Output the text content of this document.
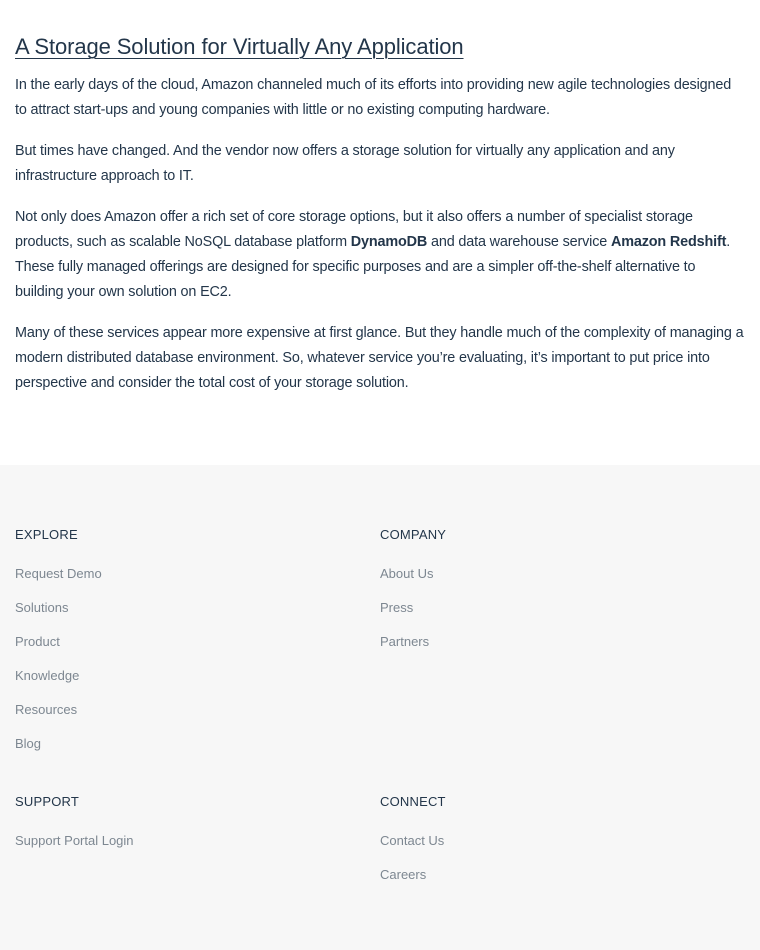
A Storage Solution for Virtually Any Application

In the early days of the cloud, Amazon channeled much of its efforts into providing new agile technologies designed to attract start-ups and young companies with little or no existing computing hardware.

But times have changed. And the vendor now offers a storage solution for virtually any application and any infrastructure approach to IT.

Not only does Amazon offer a rich set of core storage options, but it also offers a number of specialist storage products, such as scalable NoSQL database platform DynamoDB and data warehouse service Amazon Redshift. These fully managed offerings are designed for specific purposes and are a simpler off-the-shelf alternative to building your own solution on EC2.

Many of these services appear more expensive at first glance. But they handle much of the complexity of managing a modern distributed database environment. So, whatever service you’re evaluating, it’s important to put price into perspective and consider the total cost of your storage solution.

EXPLORE
Request Demo
Solutions
Product
Knowledge
Resources
Blog
COMPANY
About Us
Press
Partners
SUPPORT
Support Portal Login
CONNECT
Contact Us
Careers
